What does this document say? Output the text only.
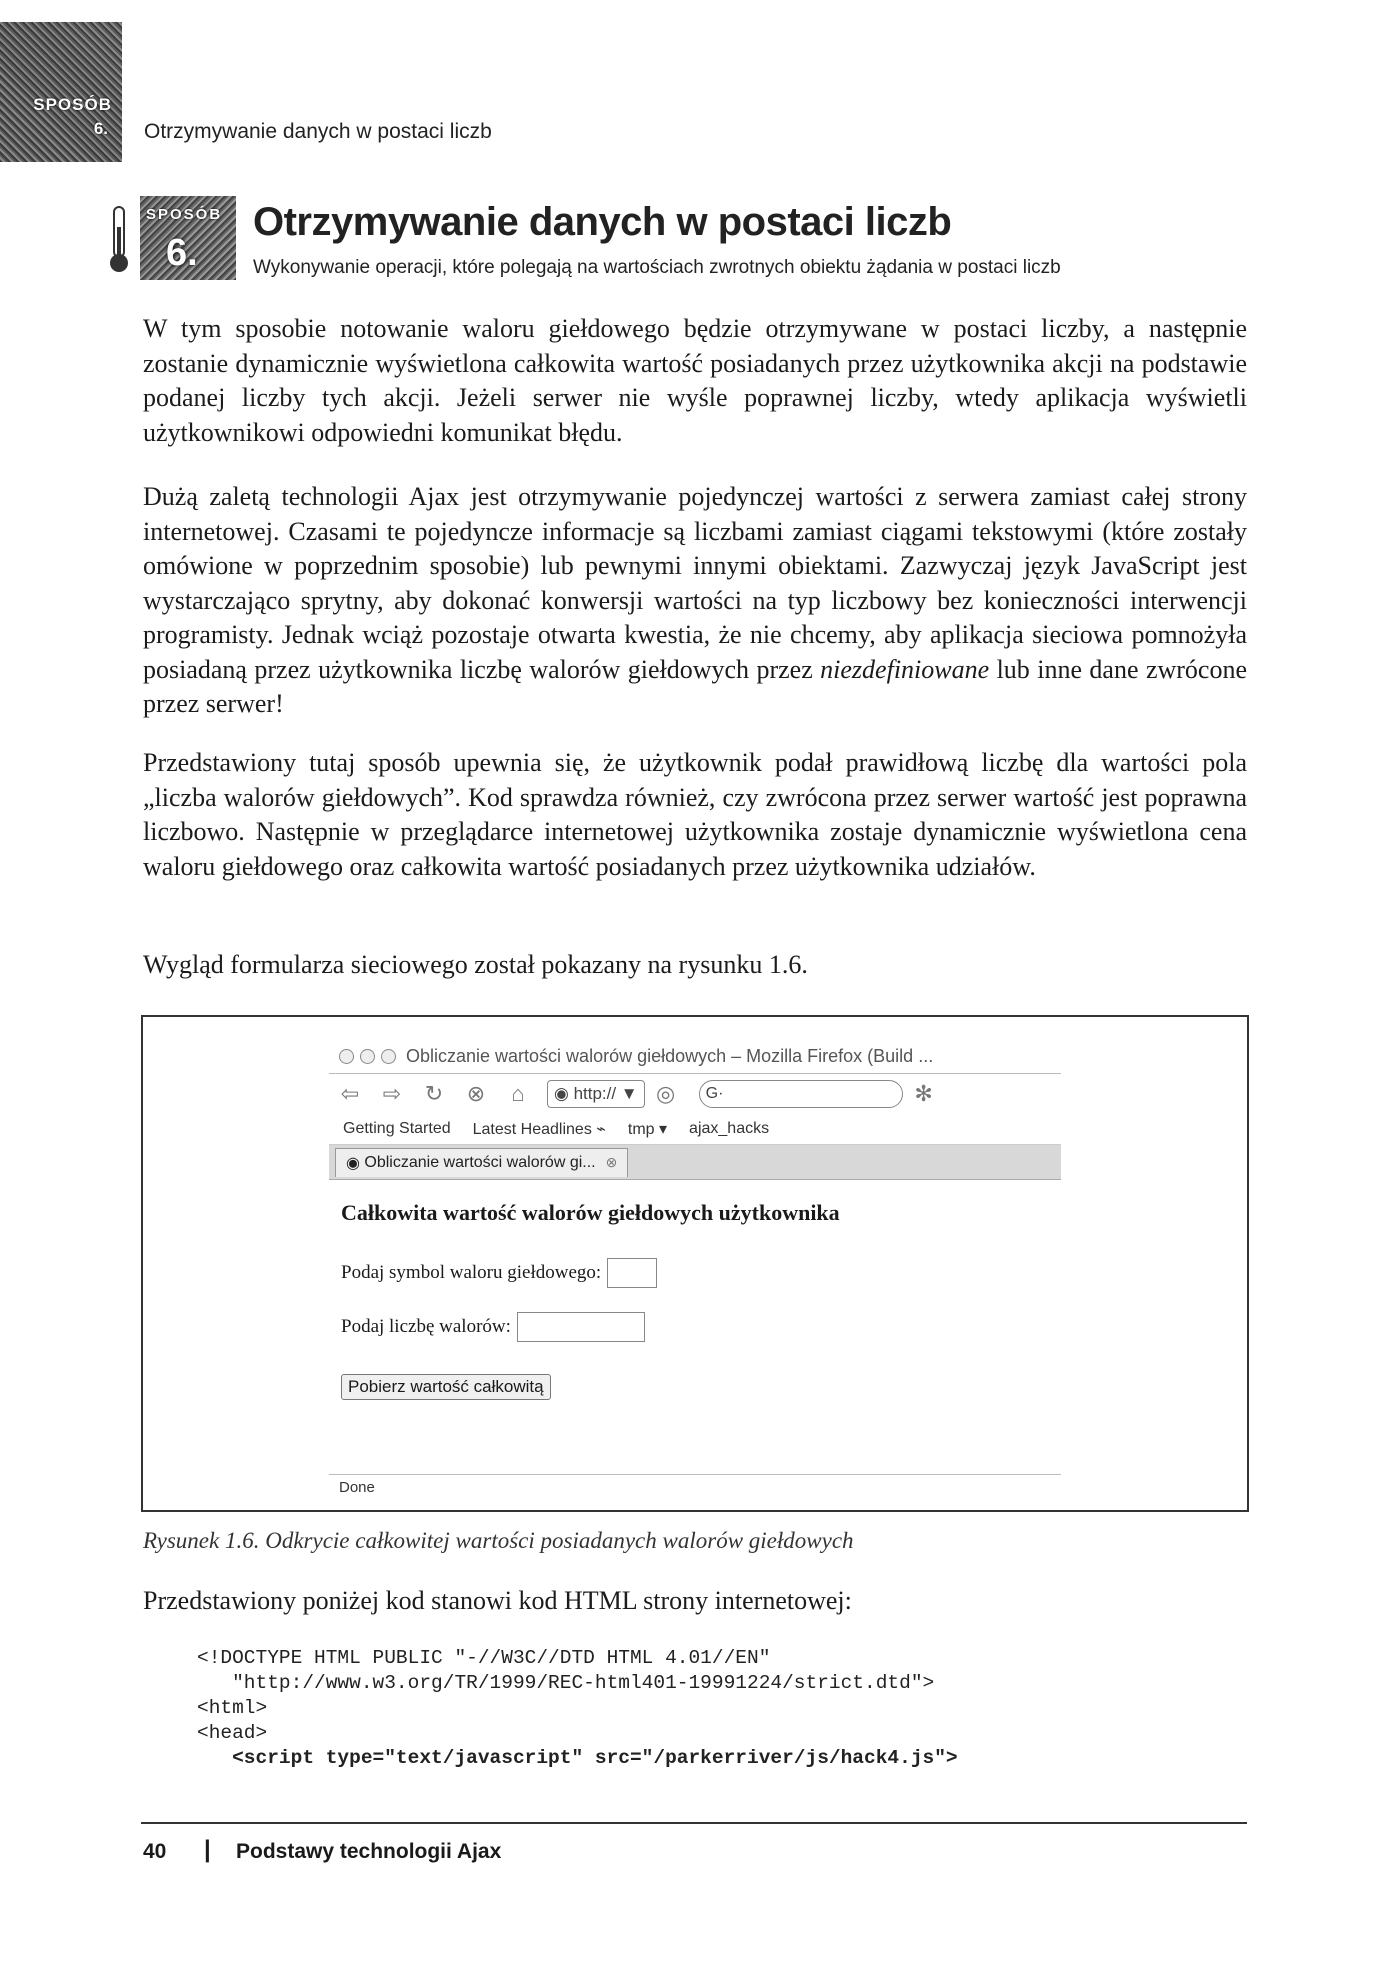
SPOSÓB
6. Otrzymywanie danych w postaci liczb
SPOSÓB
6.
Otrzymywanie danych w postaci liczb
Wykonywanie operacji, które polegają na wartościach zwrotnych obiektu żądania w postaci liczb
W tym sposobie notowanie waloru giełdowego będzie otrzymywane w postaci liczby, a następnie zostanie dynamicznie wyświetlona całkowita wartość posiadanych przez użytkownika akcji na podstawie podanej liczby tych akcji. Jeżeli serwer nie wyśle poprawnej liczby, wtedy aplikacja wyświetli użytkownikowi odpowiedni komunikat błędu.
Dużą zaletą technologii Ajax jest otrzymywanie pojedynczej wartości z serwera zamiast całej strony internetowej. Czasami te pojedyncze informacje są liczbami zamiast ciągami tekstowymi (które zostały omówione w poprzednim sposobie) lub pewnymi innymi obiektami. Zazwyczaj język JavaScript jest wystarczająco sprytny, aby dokonać konwersji wartości na typ liczbowy bez konieczności interwencji programisty. Jednak wciąż pozostaje otwarta kwestia, że nie chcemy, aby aplikacja sieciowa pomnożyła posiadaną przez użytkownika liczbę walorów giełdowych przez niezdefiniowane lub inne dane zwrócone przez serwer!
Przedstawiony tutaj sposób upewnia się, że użytkownik podał prawidłową liczbę dla wartości pola „liczba walorów giełdowych”. Kod sprawdza również, czy zwrócona przez serwer wartość jest poprawna liczbowo. Następnie w przeglądarce internetowej użytkownika zostaje dynamicznie wyświetlona cena waloru giełdowego oraz całkowita wartość posiadanych przez użytkownika udziałów.
Wygląd formularza sieciowego został pokazany na rysunku 1.6.
Obliczanie wartości walorów giełdowych – Mozilla Firefox (Build ...
⇦ ⇨ ↻ ⊗ ⌂	◉ http:// ▼ ◎ G·	✻
Getting Started Latest Headlines ⌁ tmp ▾ ajax_hacks
◉ Obliczanie wartości walorów gi... ⊗
Całkowita wartość walorów giełdowych użytkownika
Podaj symbol waloru giełdowego:
Podaj liczbę walorów:
Pobierz wartość całkowitą
Done
Rysunek 1.6. Odkrycie całkowitej wartości posiadanych walorów giełdowych
Przedstawiony poniżej kod stanowi kod HTML strony internetowej:
<!DOCTYPE HTML PUBLIC "-//W3C//DTD HTML 4.01//EN"
"http://www.w3.org/TR/1999/REC-html401-19991224/strict.dtd">
<html>
<head>
<script type="text/javascript" src="/parkerriver/js/hack4.js">
40 | Podstawy technologii Ajax
